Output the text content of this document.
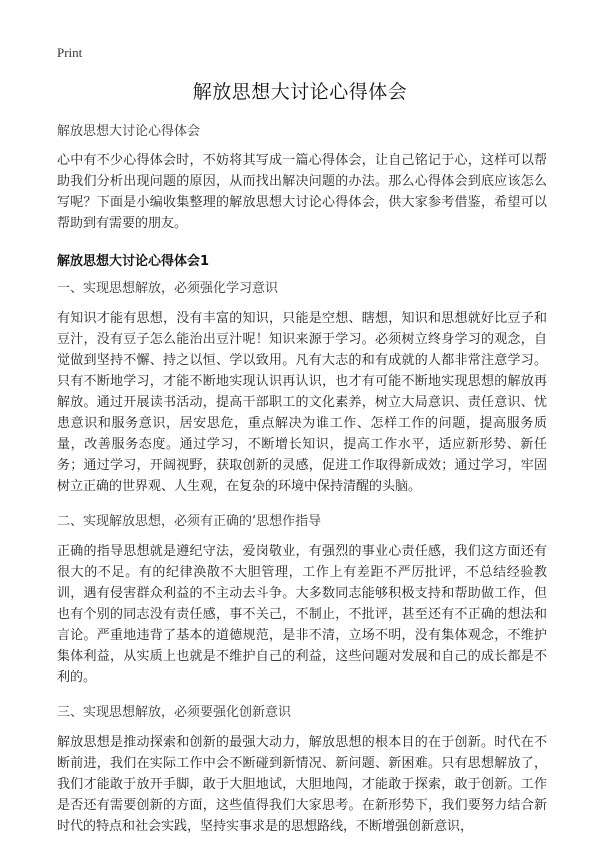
Print
解放思想大讨论心得体会
解放思想大讨论心得体会

心中有不少心得体会时，不妨将其写成一篇心得体会，让自己铭记于心，这样可以帮助我们分析出现问题的原因，从而找出解决问题的办法。那么心得体会到底应该怎么写呢？下面是小编收集整理的解放思想大讨论心得体会，供大家参考借鉴，希望可以帮助到有需要的朋友。

解放思想大讨论心得体会1

一、实现思想解放，必须强化学习意识

有知识才能有思想，没有丰富的知识，只能是空想、瞎想，知识和思想就好比豆子和豆汁，没有豆子怎么能治出豆汁呢！知识来源于学习。必须树立终身学习的观念，自觉做到坚持不懈、持之以恒、学以致用。凡有大志的和有成就的人都非常注意学习。只有不断地学习，才能不断地实现认识再认识，也才有可能不断地实现思想的解放再解放。通过开展读书活动，提高干部职工的文化素养，树立大局意识、责任意识、忧患意识和服务意识，居安思危，重点解决为谁工作、怎样工作的问题，提高服务质量，改善服务态度。通过学习，不断增长知识，提高工作水平，适应新形势、新任务；通过学习，开阔视野，获取创新的灵感，促进工作取得新成效；通过学习，牢固树立正确的世界观、人生观，在复杂的环境中保持清醒的头脑。

二、实现解放思想，必须有正确的‘思想作指导

正确的指导思想就是遵纪守法，爱岗敬业，有强烈的事业心责任感，我们这方面还有很大的不足。有的纪律涣散不大胆管理，工作上有差距不严厉批评，不总结经验教训，遇有侵害群众利益的不主动去斗争。大多数同志能够积极支持和帮助做工作，但也有个别的同志没有责任感，事不关己，不制止，不批评，甚至还有不正确的想法和言论。严重地违背了基本的道德规范，是非不清，立场不明，没有集体观念，不维护集体利益，从实质上也就是不维护自己的利益，这些问题对发展和自己的成长都是不利的。

三、实现思想解放，必须要强化创新意识

解放思想是推动探索和创新的最强大动力，解放思想的根本目的在于创新。时代在不断前进，我们在实际工作中会不断碰到新情况、新问题、新困难。只有思想解放了，我们才能敢于放开手脚，敢于大胆地试，大胆地闯，才能敢于探索，敢于创新。工作是否还有需要创新的方面，这些值得我们大家思考。在新形势下，我们要努力结合新时代的特点和社会实践，坚持实事求是的思想路线，不断增强创新意识，
